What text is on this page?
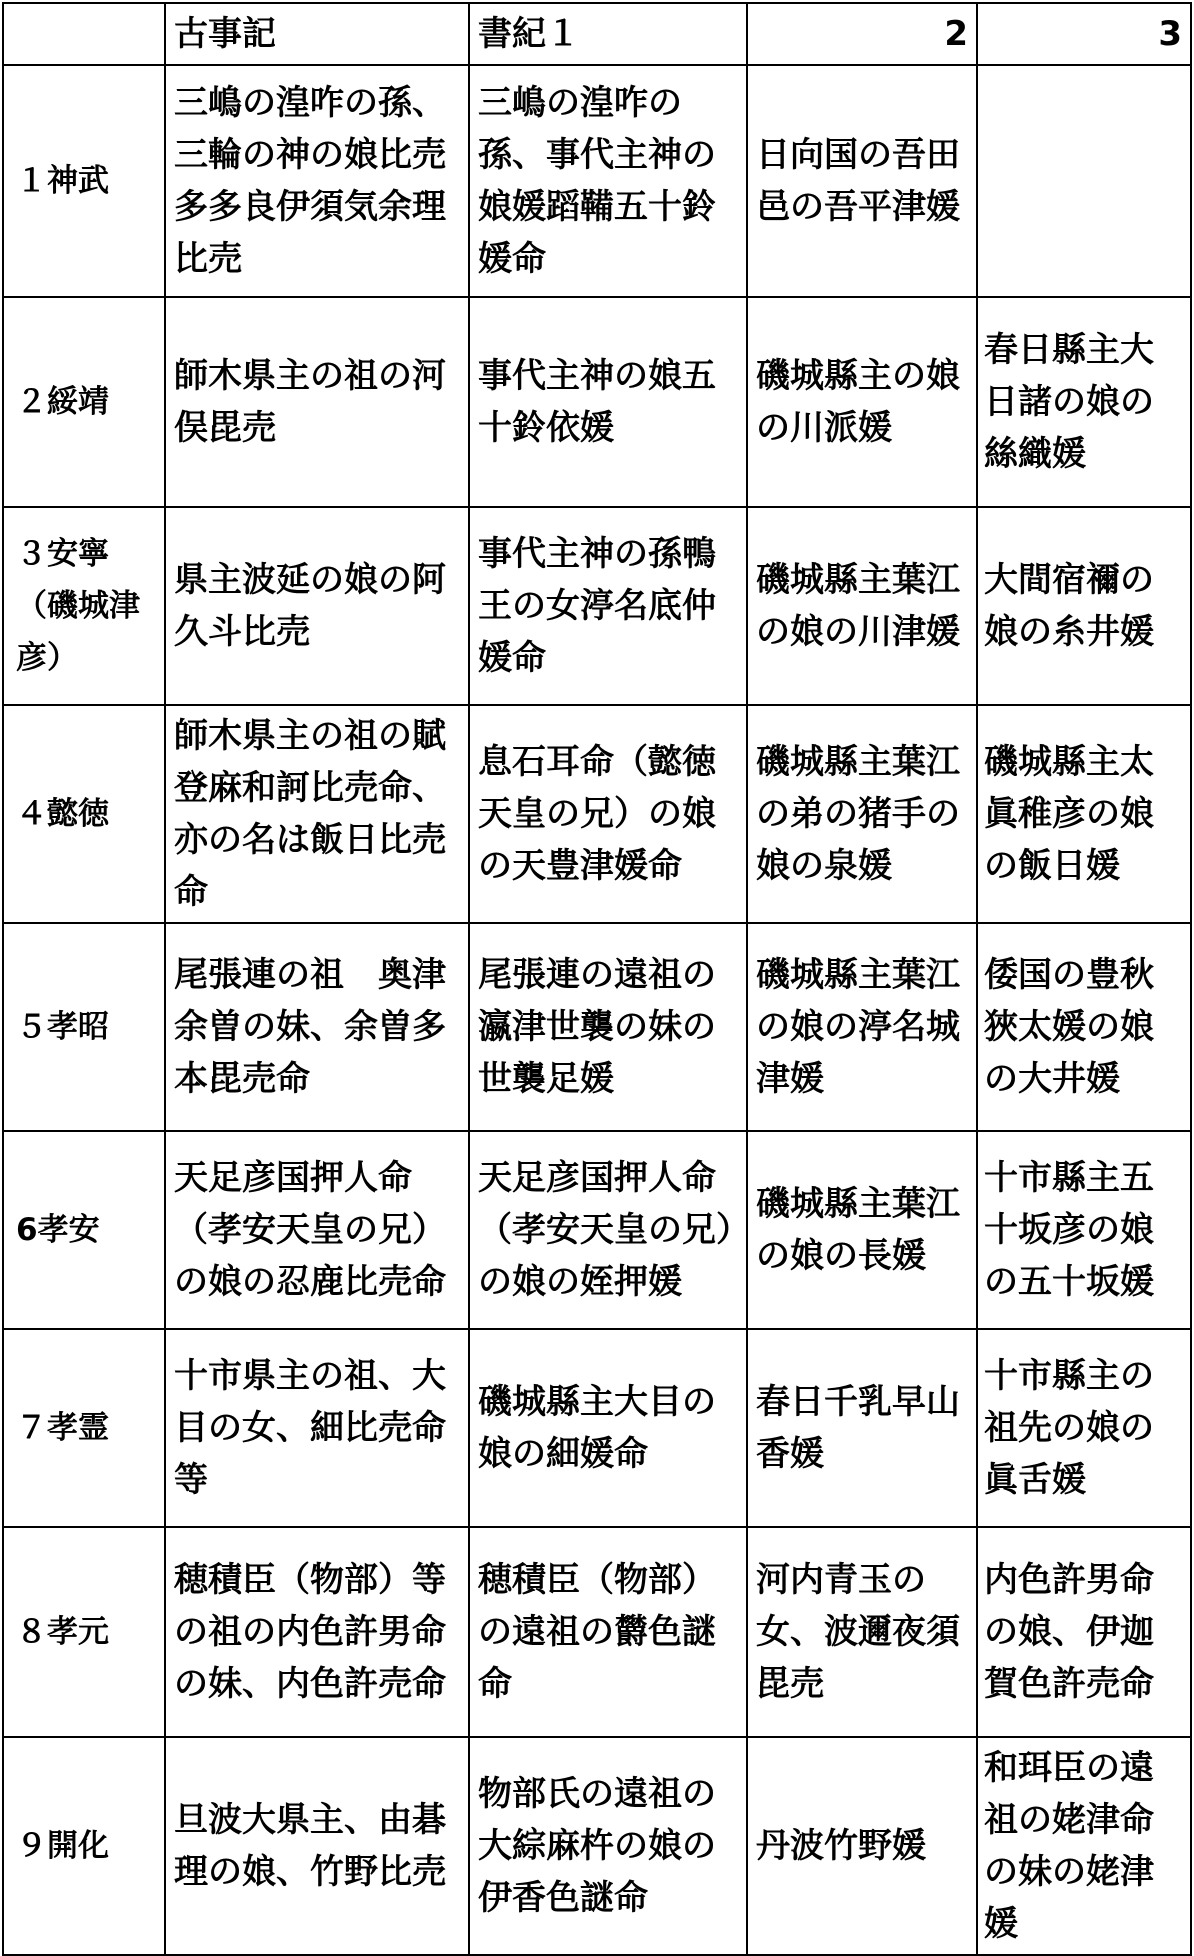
	古事記	書紀１	2	3
１神武	三嶋の湟咋の孫、三輪の神の娘比売多多良伊須気余理比売	三嶋の湟咋の孫、事代主神の娘媛蹈鞴五十鈴媛命	日向国の吾田邑の吾平津媛	
２綏靖	師木県主の祖の河俣毘売	事代主神の娘五十鈴依媛	磯城縣主の娘の川派媛	春日縣主大日諸の娘の絲織媛
３安寧（磯城津彦）	県主波延の娘の阿久斗比売	事代主神の孫鴨王の女渟名底仲媛命	磯城縣主葉江の娘の川津媛	大間宿禰の娘の糸井媛
４懿徳	師木県主の祖の賦登麻和訶比売命、亦の名は飯日比売命	息石耳命（懿徳天皇の兄）の娘の天豊津媛命	磯城縣主葉江の弟の猪手の娘の泉媛	磯城縣主太眞稚彦の娘の飯日媛
５孝昭	尾張連の祖　奥津余曽の妹、余曽多本毘売命	尾張連の遠祖の瀛津世襲の妹の世襲足媛	磯城縣主葉江の娘の渟名城津媛	倭国の豊秋狹太媛の娘の大井媛
6孝安	天足彦国押人命（孝安天皇の兄）の娘の忍鹿比売命	天足彦国押人命（孝安天皇の兄）の娘の姪押媛	磯城縣主葉江の娘の長媛	十市縣主五十坂彦の娘の五十坂媛
７孝霊	十市県主の祖、大目の女、細比売命等	磯城縣主大目の娘の細媛命	春日千乳早山香媛	十市縣主の祖先の娘の眞舌媛
８孝元	穂積臣（物部）等の祖の内色許男命の妹、内色許売命	穂積臣（物部）の遠祖の欝色謎命	河内青玉の女、波邇夜須毘売	内色許男命の娘、伊迦賀色許売命
９開化	旦波大県主、由碁理の娘、竹野比売	物部氏の遠祖の大綜麻杵の娘の伊香色謎命	丹波竹野媛	和珥臣の遠祖の姥津命の妹の姥津媛
